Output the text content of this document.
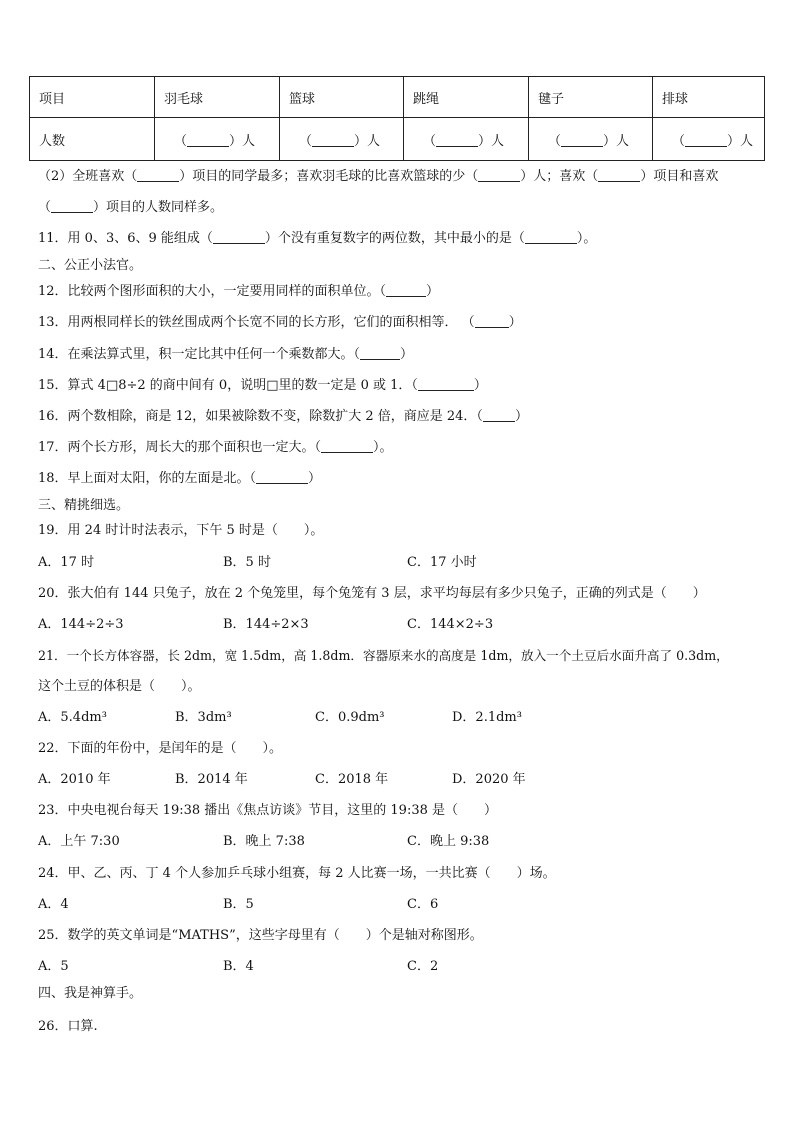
项目	羽毛球	篮球	跳绳	毽子	排球
人数	（ ）人	（ ）人	（ ）人	（ ）人	（ ）人
（2）全班喜欢（	）项目的同学最多；喜欢羽毛球的比喜欢篮球的少（	）人；喜欢（	）项目和喜欢
（	）项目的人数同样多。
11．用 0、3、6、9 能组成（	）个没有重复数字的两位数，其中最小的是（	）。
二、公正小法官。
12．比较两个图形面积的大小，一定要用同样的面积单位。（	）
13．用两根同样长的铁丝围成两个长宽不同的长方形，它们的面积相等． （	）
14．在乘法算式里，积一定比其中任何一个乘数都大。（	）
15．算式 4□8÷2 的商中间有 0，说明□里的数一定是 0 或 1．（	）
16．两个数相除，商是 12，如果被除数不变，除数扩大 2 倍，商应是 24．（ ）
17．两个长方形，周长大的那个面积也一定大。（	）。
18．早上面对太阳，你的左面是北。（	）
三、精挑细选。
19．用 24 时计时法表示，下午 5 时是（　　）。
A．17 时	B．5 时	C．17 小时
20．张大伯有 144 只兔子，放在 2 个兔笼里，每个兔笼有 3 层，求平均每层有多少只兔子，正确的列式是（　　）
A．144÷2÷3	B．144÷2×3	C．144×2÷3
21．一个长方体容器，长 2dm，宽 1.5dm，高 1.8dm．容器原来水的高度是 1dm，放入一个土豆后水面升高了 0.3dm，
这个土豆的体积是（　　）。
A．5.4dm³	B．3dm³	C．0.9dm³	D．2.1dm³
22．下面的年份中，是闰年的是（　　）。
A．2010 年	B．2014 年	C．2018 年	D．2020 年
23．中央电视台每天 19:38 播出《焦点访谈》节目，这里的 19:38 是（　　）
A．上午 7:30	B．晚上 7:38	C．晚上 9:38
24．甲、乙、丙、丁 4 个人参加乒乓球小组赛，每 2 人比赛一场，一共比赛（　　）场。
A．4	B．5	C．6
25．数学的英文单词是“MATHS”，这些字母里有（　　）个是轴对称图形。
A．5	B．4	C．2
四、我是神算手。
26．口算.
